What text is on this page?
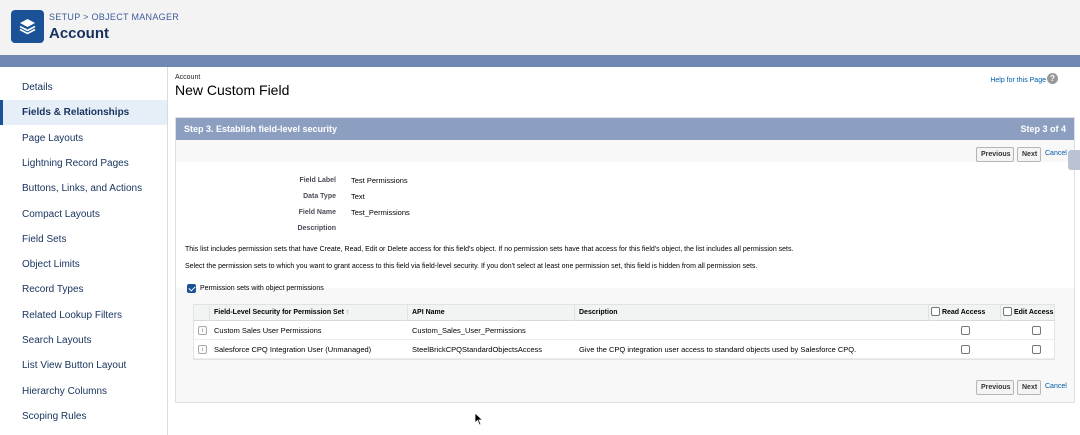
SETUP > OBJECT MANAGER
Account
Details
Fields & Relationships
Page Layouts
Lightning Record Pages
Buttons, Links, and Actions
Compact Layouts
Field Sets
Object Limits
Record Types
Related Lookup Filters
Search Layouts
List View Button Layout
Hierarchy Columns
Scoping Rules
Account
New Custom Field
Help for this Page ?
Step 3. Establish field-level security	Step 3 of 4
Previous	Next	Cancel
Field Label Test Permissions
Data Type Text
Field Name Test_Permissions
Description
This list includes permission sets that have Create, Read, Edit or Delete access for this field's object. If no permission sets have that access for this field's object, the list includes all permission sets.
Select the permission sets to which you want to grant access to this field via field-level security. If you don't select at least one permission set, this field is hidden from all permission sets.
Permission sets with object permissions
Field-Level Security for Permission Set ↑	API Name	Description	Read Access	Edit Access
i	Custom Sales User Permissions	Custom_Sales_User_Permissions
i	Salesforce CPQ Integration User (Unmanaged)	SteelBrickCPQStandardObjectsAccess	Give the CPQ integration user access to standard objects used by Salesforce CPQ.
Previous	Next	Cancel
